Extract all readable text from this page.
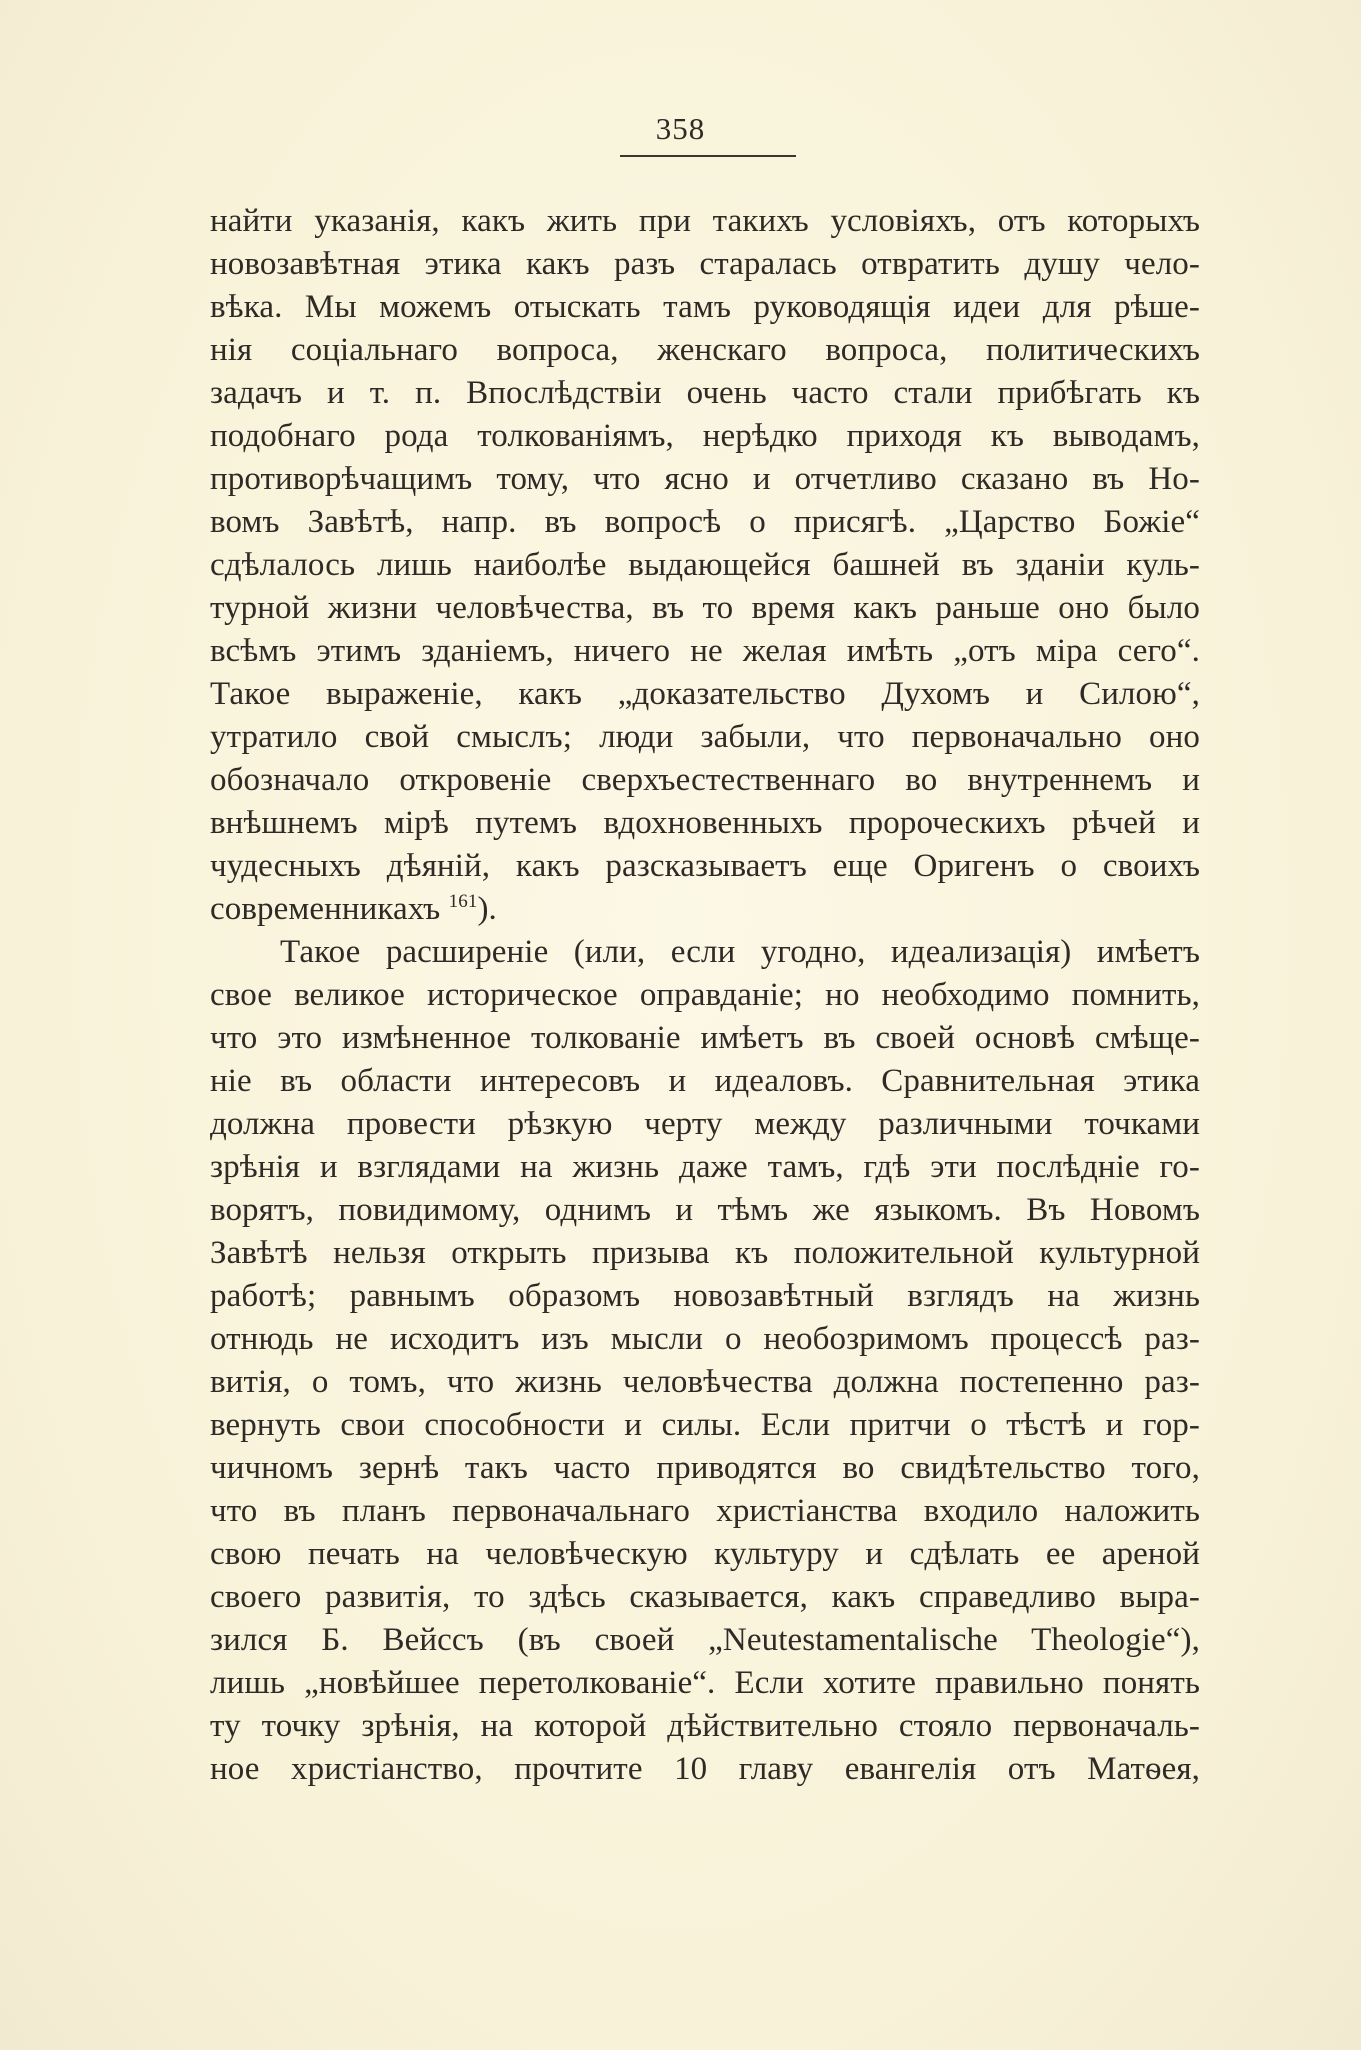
358
найти указанія, какъ жить при такихъ условіяхъ, отъ которыхъ
новозавѣтная этика какъ разъ старалась отвратить душу чело-
вѣка. Мы можемъ отыскать тамъ руководящія идеи для рѣше-
нія соціальнаго вопроса, женскаго вопроса, политическихъ
задачъ и т. п. Впослѣдствіи очень часто стали прибѣгать къ
подобнаго рода толкованіямъ, нерѣдко приходя къ выводамъ,
противорѣчащимъ тому, что ясно и отчетливо сказано въ Но-
вомъ Завѣтѣ, напр. въ вопросѣ о присягѣ. „Царство Божіе“
сдѣлалось лишь наиболѣе выдающейся башней въ зданіи куль-
турной жизни человѣчества, въ то время какъ раньше оно было
всѣмъ этимъ зданіемъ, ничего не желая имѣть „отъ міра сего“.
Такое выраженіе, какъ „доказательство Духомъ и Силою“,
утратило свой смыслъ; люди забыли, что первоначально оно
обозначало откровеніе сверхъестественнаго во внутреннемъ и
внѣшнемъ мірѣ путемъ вдохновенныхъ пророческихъ рѣчей и
чудесныхъ дѣяній, какъ разсказываетъ еще Оригенъ о своихъ
современникахъ $^{161}$).
Такое расширеніе (или, если угодно, идеализація) имѣетъ
свое великое историческое оправданіе; но необходимо помнить,
что это измѣненное толкованіе имѣетъ въ своей основѣ смѣще-
ніе въ области интересовъ и идеаловъ. Сравнительная этика
должна провести рѣзкую черту между различными точками
зрѣнія и взглядами на жизнь даже тамъ, гдѣ эти послѣдніе го-
ворятъ, повидимому, однимъ и тѣмъ же языкомъ. Въ Новомъ
Завѣтѣ нельзя открыть призыва къ положительной культурной
работѣ; равнымъ образомъ новозавѣтный взглядъ на жизнь
отнюдь не исходитъ изъ мысли о необозримомъ процессѣ раз-
витія, о томъ, что жизнь человѣчества должна постепенно раз-
вернуть свои способности и силы. Если притчи о тѣстѣ и гор-
чичномъ зернѣ такъ часто приводятся во свидѣтельство того,
что въ планъ первоначальнаго христіанства входило наложить
свою печать на человѣческую культуру и сдѣлать ее ареной
своего развитія, то здѣсь сказывается, какъ справедливо выра-
зился Б. Вейссъ (въ своей „Neutestamentalische Theologie“),
лишь „новѣйшее перетолкованіе“. Если хотите правильно понять
ту точку зрѣнія, на которой дѣйствительно стояло первоначаль-
ное христіанство, прочтите 10 главу евангелія отъ Матѳея,
